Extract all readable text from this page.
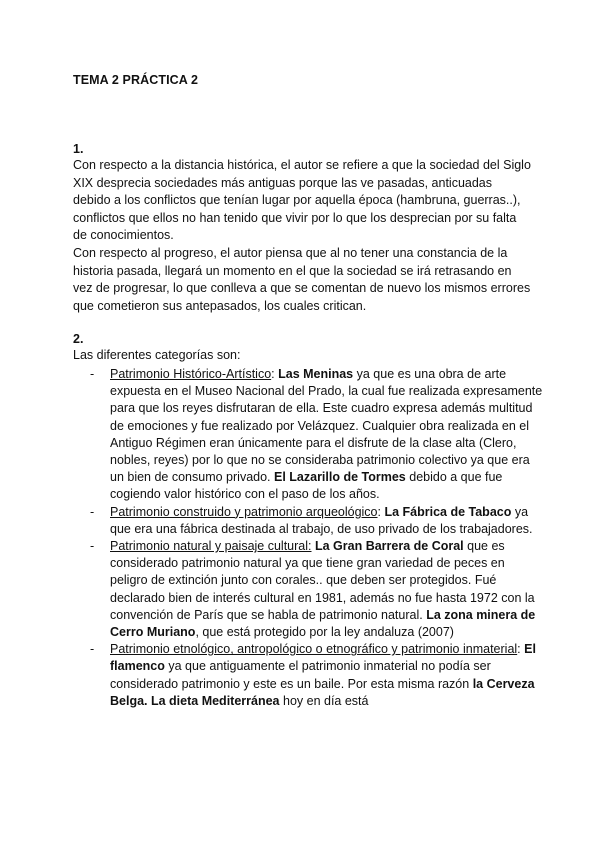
TEMA 2 PRÁCTICA 2
1.

Con respecto a la distancia histórica, el autor se refiere a que la sociedad del Siglo XIX desprecia sociedades más antiguas porque las ve pasadas, anticuadas debido a los conflictos que tenían lugar por aquella época (hambruna, guerras..), conflictos que ellos no han tenido que vivir por lo que los desprecian por su falta de conocimientos.

Con respecto al progreso, el autor piensa que al no tener una constancia de la historia pasada, llegará un momento en el que la sociedad se irá retrasando en vez de progresar, lo que conlleva a que se comentan de nuevo los mismos errores que cometieron sus antepasados, los cuales critican.

2.
Las diferentes categorías son:
- Patrimonio Histórico-Artístico: Las Meninas ya que es una obra de arte expuesta en el Museo Nacional del Prado, la cual fue realizada expresamente para que los reyes disfrutaran de ella. Este cuadro expresa además multitud de emociones y fue realizado por Velázquez. Cualquier obra realizada en el Antiguo Régimen eran únicamente para el disfrute de la clase alta (Clero, nobles, reyes) por lo que no se consideraba patrimonio colectivo ya que era un bien de consumo privado. El Lazarillo de Tormes debido a que fue cogiendo valor histórico con el paso de los años.
- Patrimonio construido y patrimonio arqueológico: La Fábrica de Tabaco ya que era una fábrica destinada al trabajo, de uso privado de los trabajadores.
- Patrimonio natural y paisaje cultural: La Gran Barrera de Coral que es considerado patrimonio natural ya que tiene gran variedad de peces en peligro de extinción junto con corales.. que deben ser protegidos. Fué declarado bien de interés cultural en 1981, además no fue hasta 1972 con la convención de París que se habla de patrimonio natural. La zona minera de Cerro Muriano, que está protegido por la ley andaluza (2007)
- Patrimonio etnológico, antropológico o etnográfico y patrimonio inmaterial: El flamenco ya que antiguamente el patrimonio inmaterial no podía ser considerado patrimonio y este es un baile. Por esta misma razón la Cerveza Belga. La dieta Mediterránea hoy en día está
